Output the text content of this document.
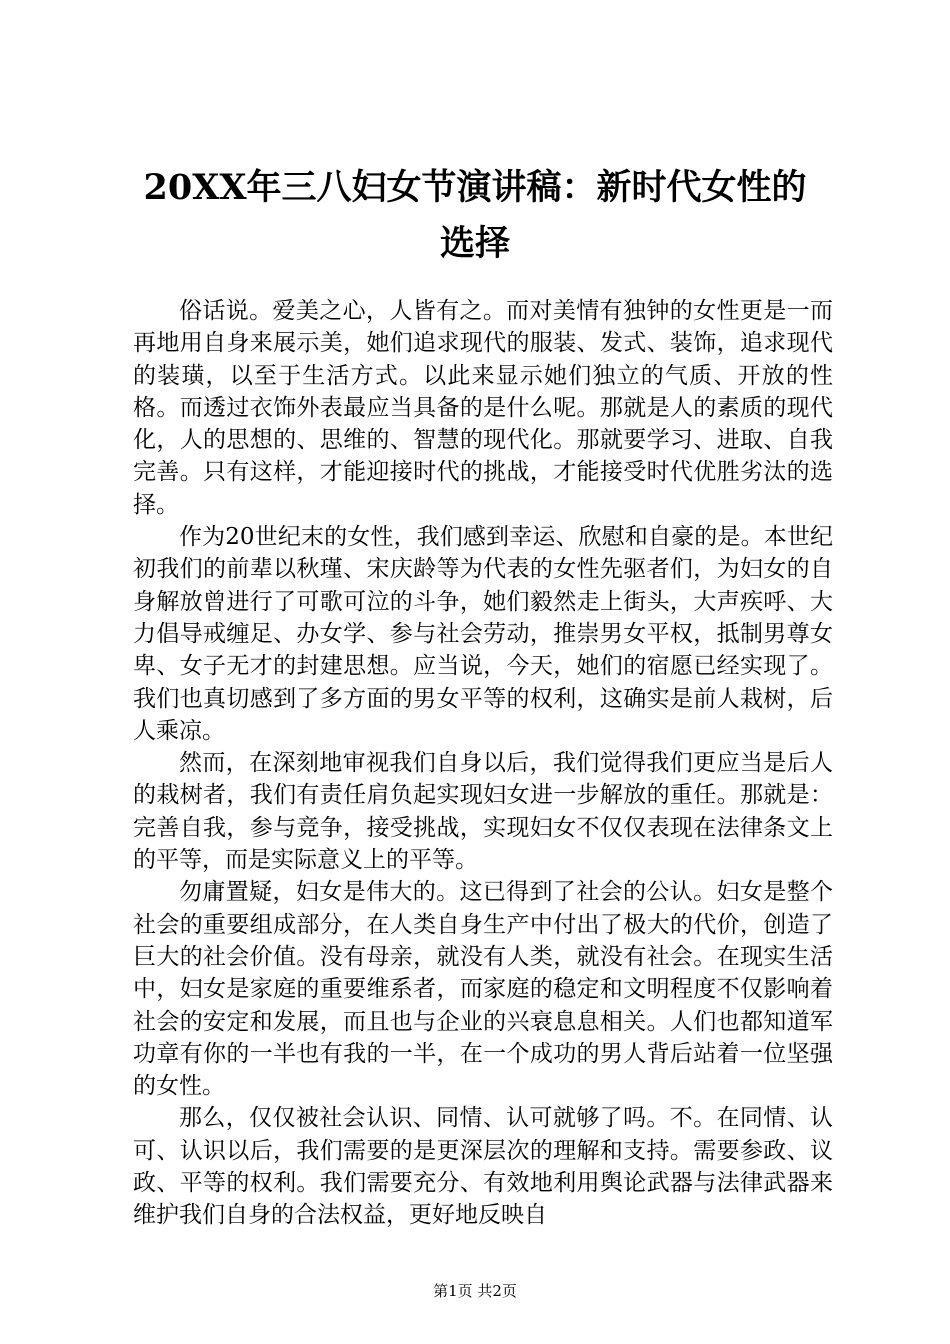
20XX年三八妇女节演讲稿：新时代女性的选择

俗话说。爱美之心，人皆有之。而对美情有独钟的女性更是一而再地用自身来展示美，她们追求现代的服装、发式、装饰，追求现代的装璜，以至于生活方式。以此来显示她们独立的气质、开放的性格。而透过衣饰外表最应当具备的是什么呢。那就是人的素质的现代化，人的思想的、思维的、智慧的现代化。那就要学习、进取、自我完善。只有这样，才能迎接时代的挑战，才能接受时代优胜劣汰的选择。

作为20世纪末的女性，我们感到幸运、欣慰和自豪的是。本世纪初我们的前辈以秋瑾、宋庆龄等为代表的女性先驱者们，为妇女的自身解放曾进行了可歌可泣的斗争，她们毅然走上街头，大声疾呼、大力倡导戒缠足、办女学、参与社会劳动，推崇男女平权，抵制男尊女卑、女子无才的封建思想。应当说，今天，她们的宿愿已经实现了。我们也真切感到了多方面的男女平等的权利，这确实是前人栽树，后人乘凉。

然而，在深刻地审视我们自身以后，我们觉得我们更应当是后人的栽树者，我们有责任肩负起实现妇女进一步解放的重任。那就是：完善自我，参与竞争，接受挑战，实现妇女不仅仅表现在法律条文上的平等，而是实际意义上的平等。

勿庸置疑，妇女是伟大的。这已得到了社会的公认。妇女是整个社会的重要组成部分，在人类自身生产中付出了极大的代价，创造了巨大的社会价值。没有母亲，就没有人类，就没有社会。在现实生活中，妇女是家庭的重要维系者，而家庭的稳定和文明程度不仅影响着社会的安定和发展，而且也与企业的兴衰息息相关。人们也都知道军功章有你的一半也有我的一半，在一个成功的男人背后站着一位坚强的女性。

那么，仅仅被社会认识、同情、认可就够了吗。不。在同情、认可、认识以后，我们需要的是更深层次的理解和支持。需要参政、议政、平等的权利。我们需要充分、有效地利用舆论武器与法律武器来维护我们自身的合法权益，更好地反映自

第1页 共2页
